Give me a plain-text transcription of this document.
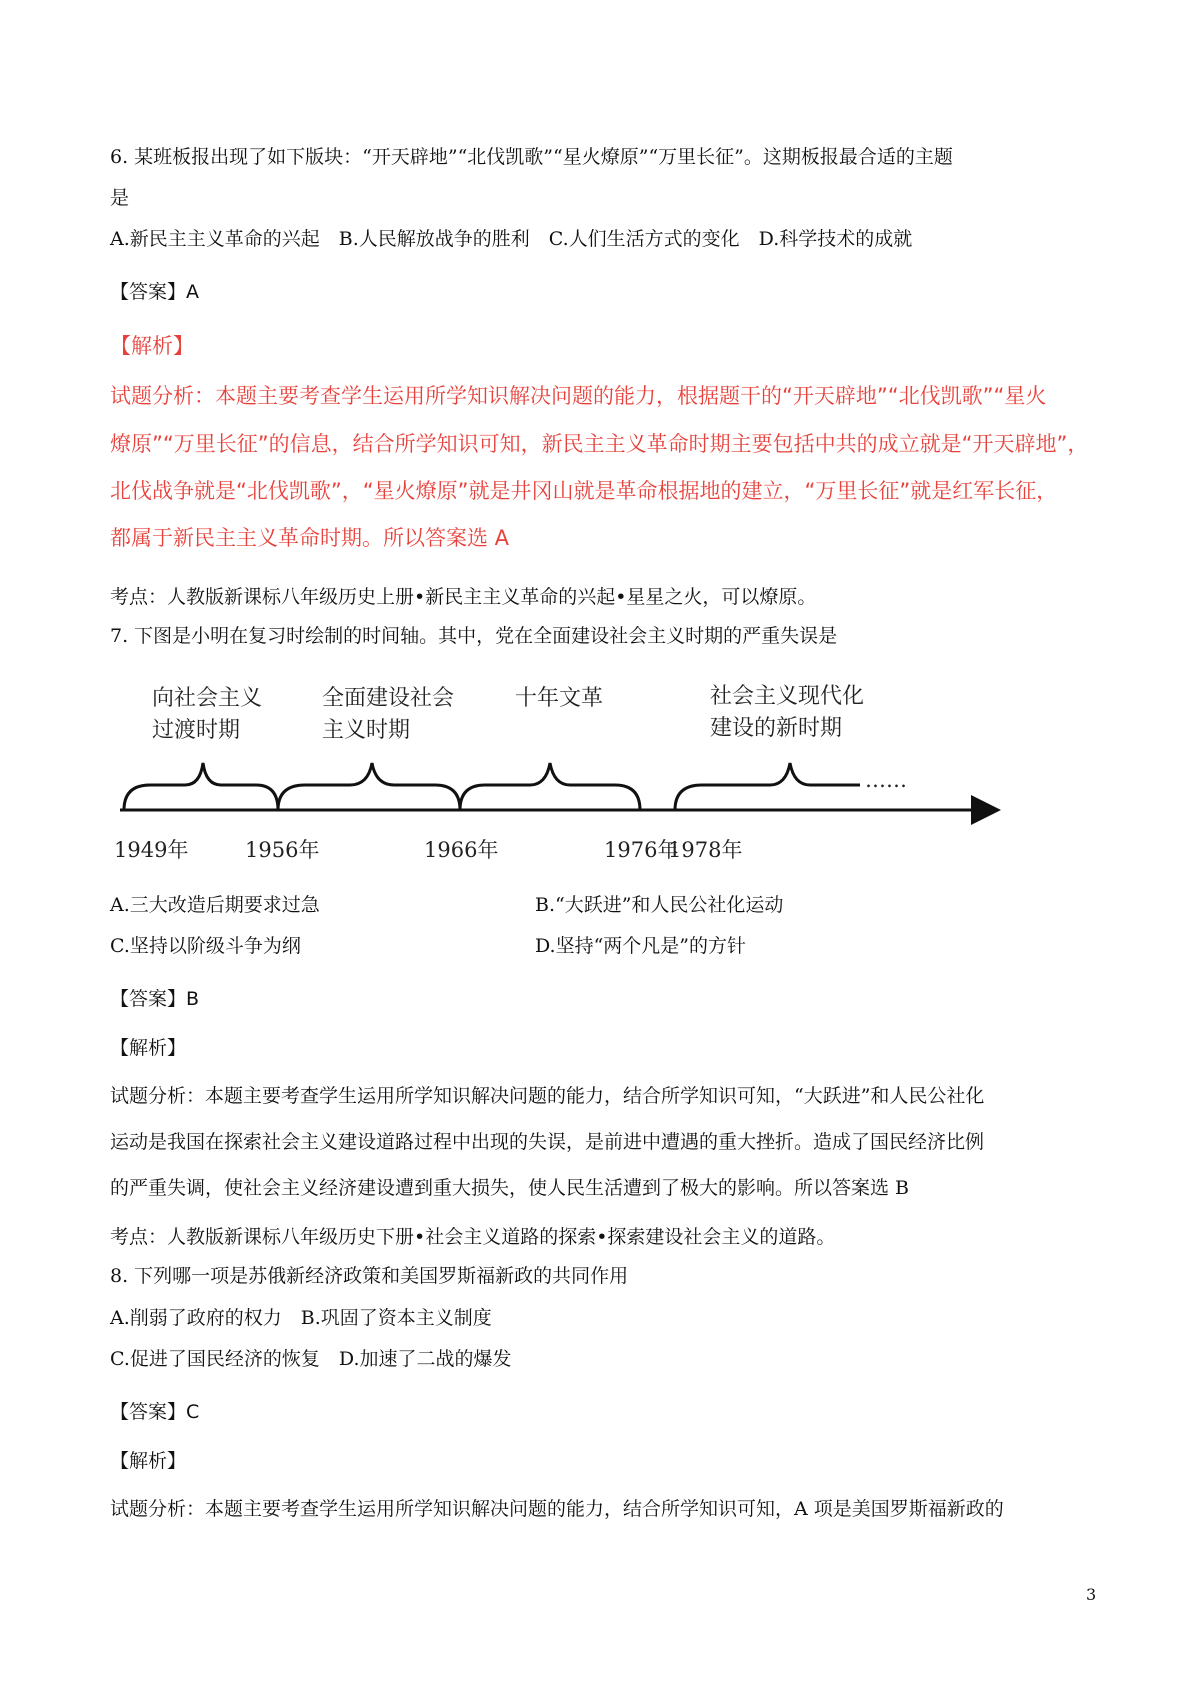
6. 某班板报出现了如下版块：“开天辟地”“北伐凯歌”“星火燎原”“万里长征”。这期板报最合适的主题
是
A.新民主主义革命的兴起　B.人民解放战争的胜利　C.人们生活方式的变化　D.科学技术的成就
【答案】A
【解析】
试题分析：本题主要考查学生运用所学知识解决问题的能力，根据题干的“开天辟地”“北伐凯歌”“星火
燎原”“万里长征”的信息，结合所学知识可知，新民主主义革命时期主要包括中共的成立就是“开天辟地”，
北伐战争就是“北伐凯歌”，“星火燎原”就是井冈山就是革命根据地的建立，“万里长征”就是红军长征，
都属于新民主主义革命时期。所以答案选 A
考点：人教版新课标八年级历史上册•新民主主义革命的兴起•星星之火，可以燎原。
7. 下图是小明在复习时绘制的时间轴。其中，党在全面建设社会主义时期的严重失误是
……
向社会主义
过渡时期
全面建设社会
主义时期
十年文革	社会主义现代化
建设的新时期
1949年	1956年	1966年	1976年
1978年
A.三大改造后期要求过急	B.“大跃进”和人民公社化运动
C.坚持以阶级斗争为纲	D.坚持“两个凡是”的方针
【答案】B
【解析】
试题分析：本题主要考查学生运用所学知识解决问题的能力，结合所学知识可知，“大跃进”和人民公社化
运动是我国在探索社会主义建设道路过程中出现的失误，是前进中遭遇的重大挫折。造成了国民经济比例
的严重失调，使社会主义经济建设遭到重大损失，使人民生活遭到了极大的影响。所以答案选 B
考点：人教版新课标八年级历史下册•社会主义道路的探索•探索建设社会主义的道路。
8. 下列哪一项是苏俄新经济政策和美国罗斯福新政的共同作用
A.削弱了政府的权力　B.巩固了资本主义制度
C.促进了国民经济的恢复　D.加速了二战的爆发
【答案】C
【解析】
试题分析：本题主要考查学生运用所学知识解决问题的能力，结合所学知识可知，A 项是美国罗斯福新政的
3
